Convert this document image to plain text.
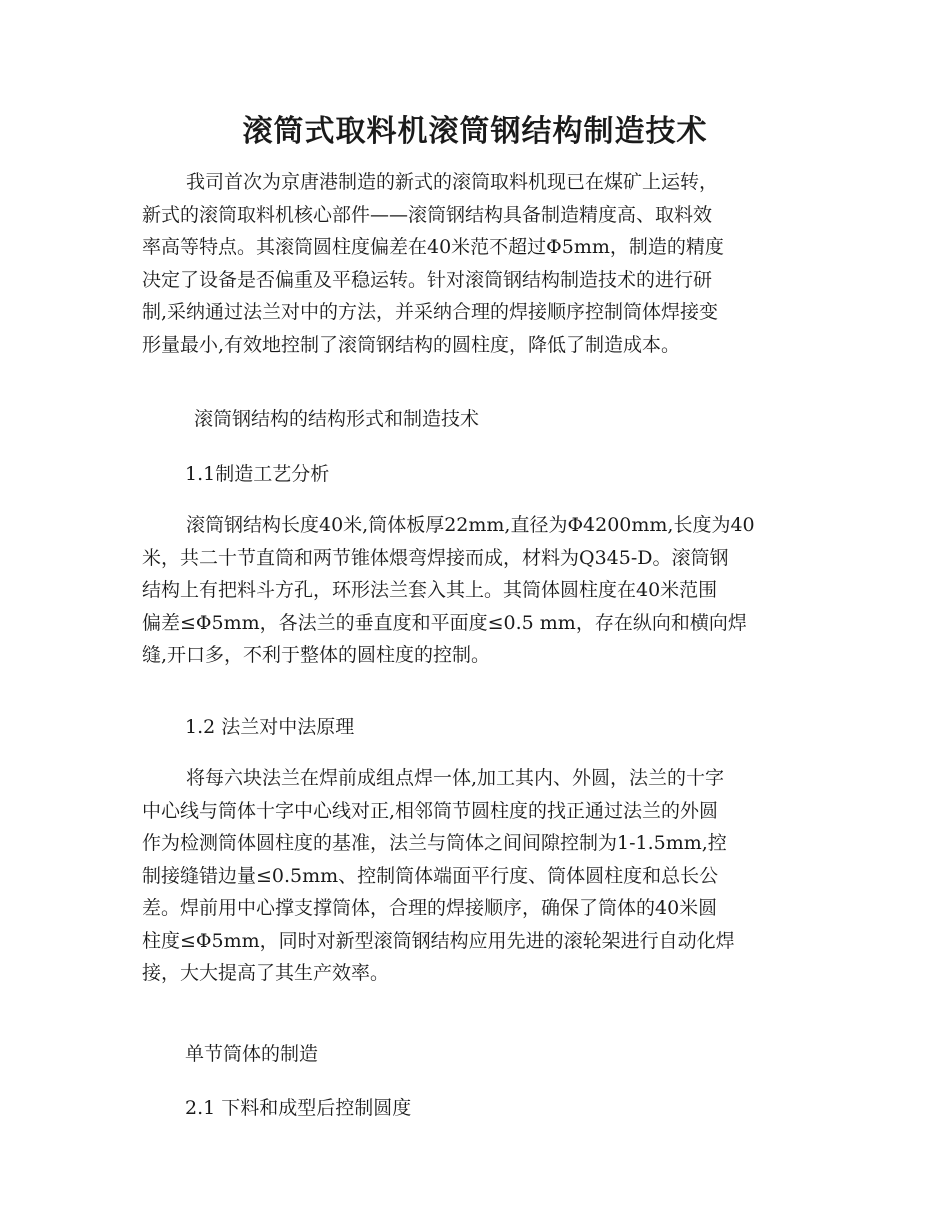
滚筒式取料机滚筒钢结构制造技术
我司首次为京唐港制造的新式的滚筒取料机现已在煤矿上运转，
新式的滚筒取料机核心部件——滚筒钢结构具备制造精度高、取料效
率高等特点。其滚筒圆柱度偏差在40米范不超过Φ5mm，制造的精度
决定了设备是否偏重及平稳运转。针对滚筒钢结构制造技术的进行研
制,采纳通过法兰对中的方法，并采纳合理的焊接顺序控制筒体焊接变
形量最小,有效地控制了滚筒钢结构的圆柱度，降低了制造成本。
滚筒钢结构的结构形式和制造技术
1.1制造工艺分析
滚筒钢结构长度40米,筒体板厚22mm,直径为Φ4200mm,长度为40
米，共二十节直筒和两节锥体煨弯焊接而成，材料为Q345-D。滚筒钢
结构上有把料斗方孔，环形法兰套入其上。其筒体圆柱度在40米范围
偏差≤Φ5mm，各法兰的垂直度和平面度≤0.5 mm，存在纵向和横向焊
缝,开口多，不利于整体的圆柱度的控制。
1.2 法兰对中法原理
将每六块法兰在焊前成组点焊一体,加工其内、外圆，法兰的十字
中心线与筒体十字中心线对正,相邻筒节圆柱度的找正通过法兰的外圆
作为检测筒体圆柱度的基准，法兰与筒体之间间隙控制为1-1.5mm,控
制接缝错边量≤0.5mm、控制筒体端面平行度、筒体圆柱度和总长公
差。焊前用中心撑支撑筒体，合理的焊接顺序，确保了筒体的40米圆
柱度≤Φ5mm，同时对新型滚筒钢结构应用先进的滚轮架进行自动化焊
接，大大提高了其生产效率。
单节筒体的制造
2.1 下料和成型后控制圆度
